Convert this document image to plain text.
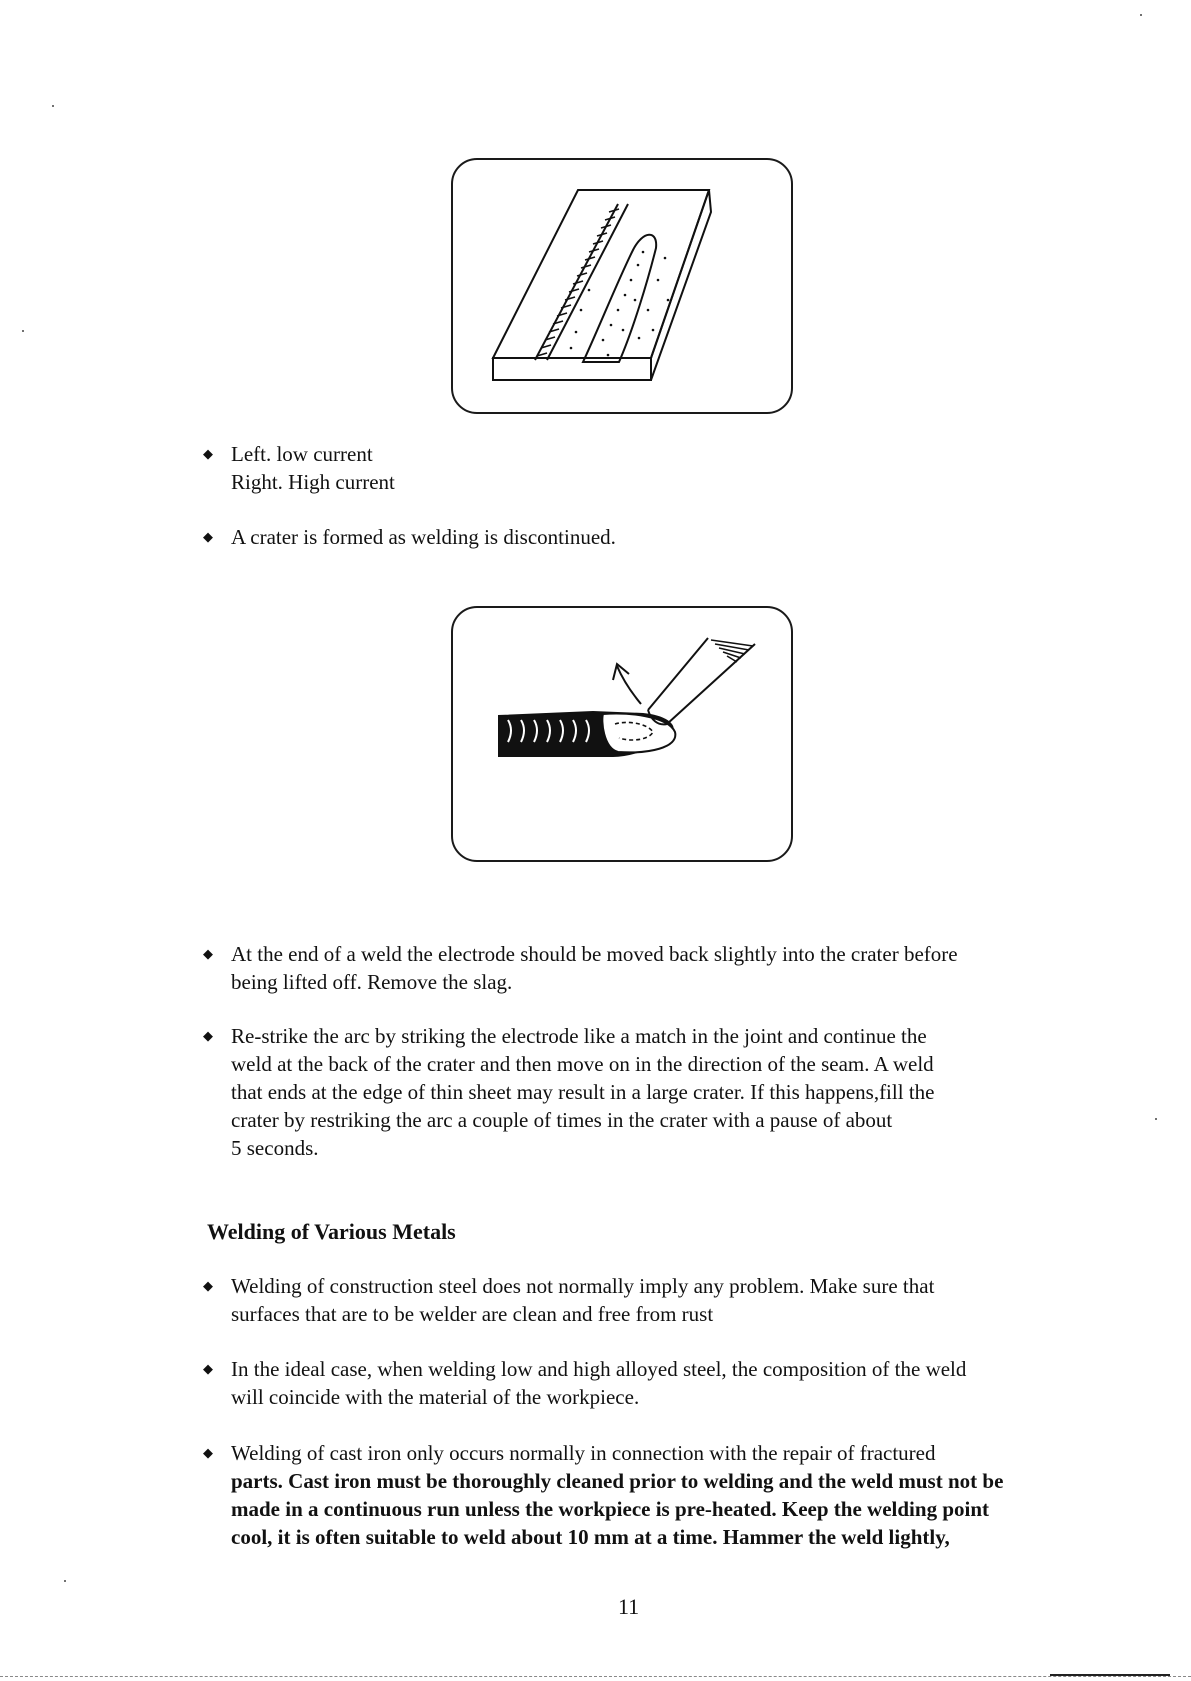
◆ Left. low current
Right. High current
◆ A crater is formed as welding is discontinued.
◆ At the end of a weld the electrode should be moved back slightly into the crater before
being lifted off. Remove the slag.
◆ Re-strike the arc by striking the electrode like a match in the joint and continue the
weld at the back of the crater and then move on in the direction of the seam. A weld
that ends at the edge of thin sheet may result in a large crater. If this happens,fill the
crater by restriking the arc a couple of times in the crater with a pause of about
5 seconds.
Welding of Various Metals
◆ Welding of construction steel does not normally imply any problem. Make sure that
surfaces that are to be welder are clean and free from rust
◆ In the ideal case, when welding low and high alloyed steel, the composition of the weld
will coincide with the material of the workpiece.
◆ Welding of cast iron only occurs normally in connection with the repair of fractured
parts. Cast iron must be thoroughly cleaned prior to welding and the weld must not be
made in a continuous run unless the workpiece is pre-heated. Keep the welding point
cool, it is often suitable to weld about 10 mm at a time. Hammer the weld lightly,
11
